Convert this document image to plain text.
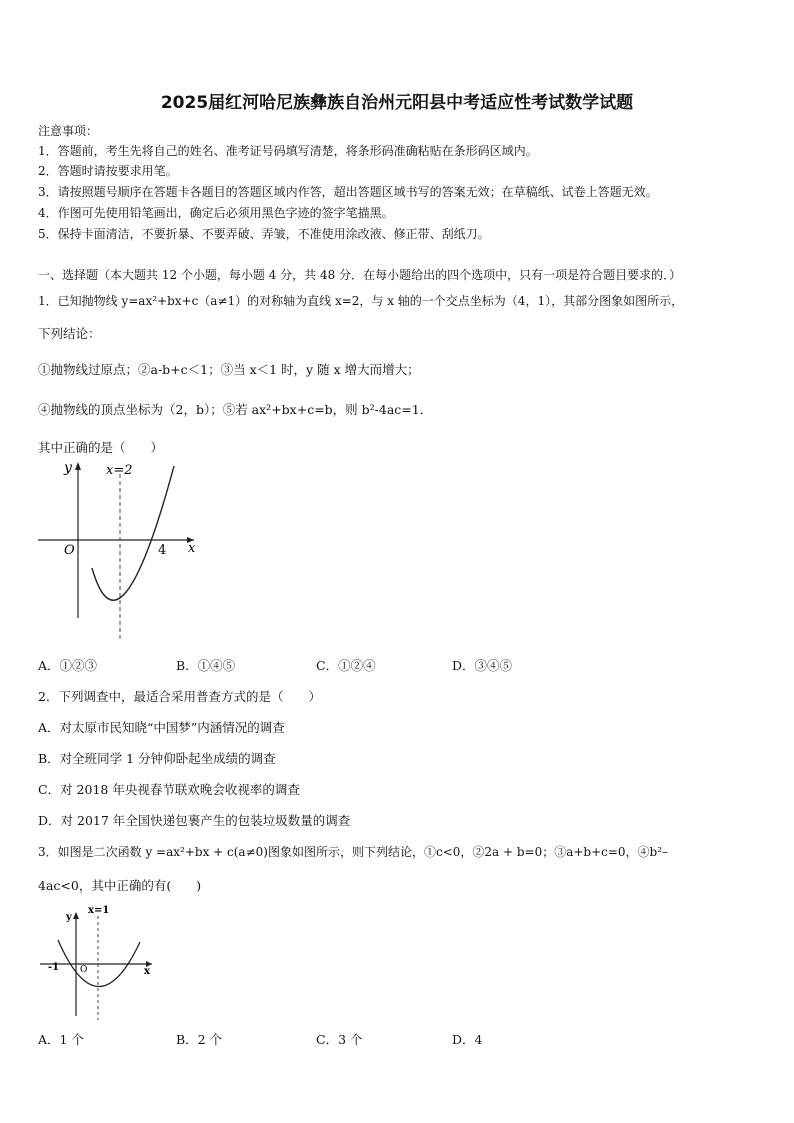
2025届红河哈尼族彝族自治州元阳县中考适应性考试数学试题
注意事项：
1．答题前，考生先将自己的姓名、准考证号码填写清楚，将条形码准确粘贴在条形码区域内。
2．答题时请按要求用笔。
3．请按照题号顺序在答题卡各题目的答题区域内作答，超出答题区域书写的答案无效；在草稿纸、试卷上答题无效。
4．作图可先使用铅笔画出，确定后必须用黑色字迹的签字笔描黑。
5．保持卡面清洁，不要折暴、不要弄破、弄皱，不准使用涂改液、修正带、刮纸刀。
一、选择题（本大题共 12 个小题，每小题 4 分，共 48 分．在每小题给出的四个选项中，只有一项是符合题目要求的．）
1．已知抛物线 y=ax²+bx+c（a≠1）的对称轴为直线 x=2，与 x 轴的一个交点坐标为（4，1），其部分图象如图所示，
下列结论：
①抛物线过原点；②a-b+c＜1；③当 x＜1 时，y 随 x 增大而增大；
④抛物线的顶点坐标为（2，b）；⑤若 ax²+bx+c=b，则 b²-4ac=1．
其中正确的是（　　）
y	x=2
O	4 x
A．①②③	B．①④⑤	C．①②④	D．③④⑤
2．下列调查中，最适合采用普查方式的是（　　）
A．对太原市民知晓“中国梦”内涵情况的调查
B．对全班同学 1 分钟仰卧起坐成绩的调查
C．对 2018 年央视春节联欢晚会收视率的调查
D．对 2017 年全国快递包裹产生的包装垃圾数量的调查
3．如图是二次函数 y =ax²+bx + c(a≠0)图象如图所示，则下列结论，①c<0，②2a + b=0；③a+b+c=0，④b²–
4ac<0，其中正确的有(　　)
y
x=1
-1 O	x
A．1 个	B．2 个	C．3 个	D．4
